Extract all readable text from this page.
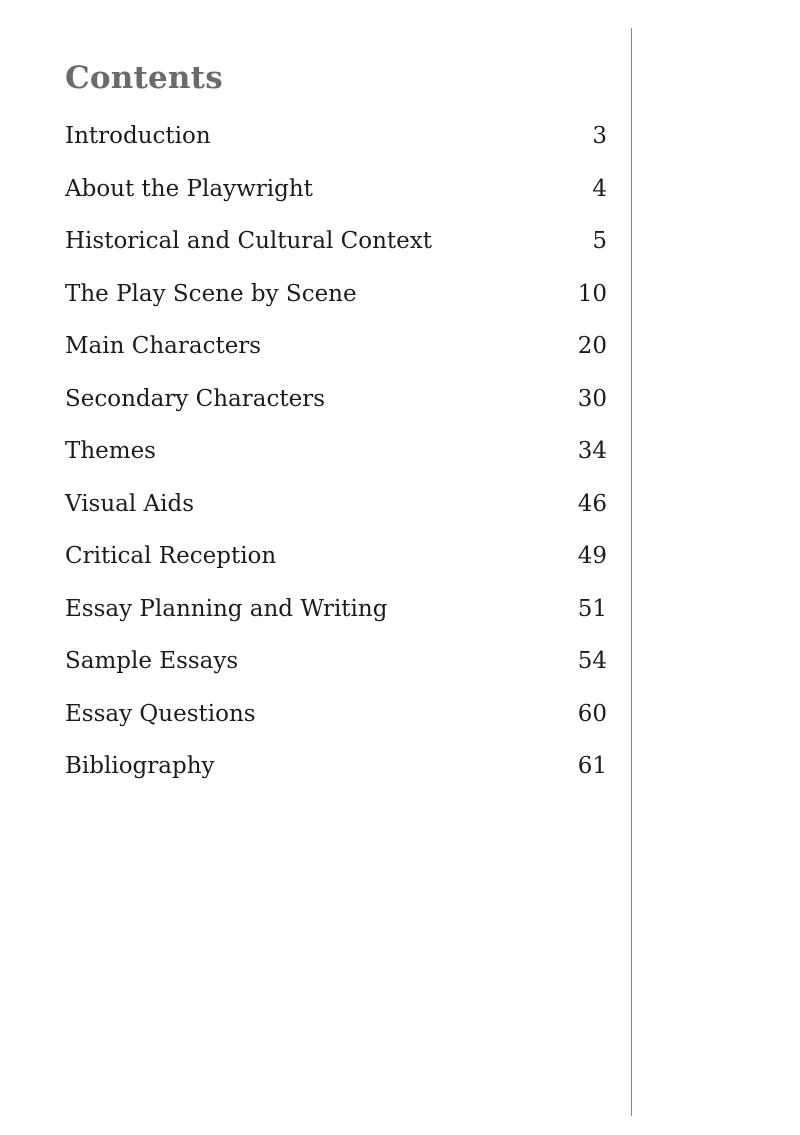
Contents
Introduction	3
About the Playwright	4
Historical and Cultural Context	5
The Play Scene by Scene	10
Main Characters	20
Secondary Characters	30
Themes	34
Visual Aids	46
Critical Reception	49
Essay Planning and Writing	51
Sample Essays	54
Essay Questions	60
Bibliography	61
